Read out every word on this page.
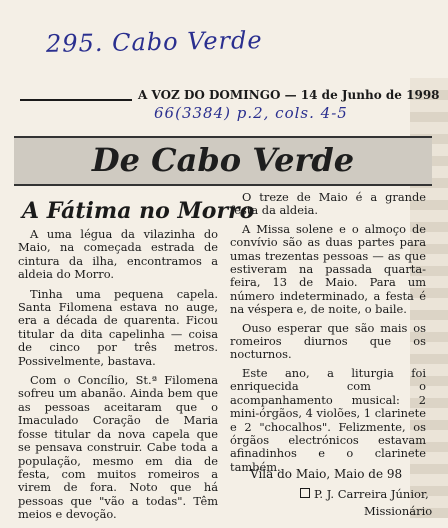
295. Cabo Verde
A VOZ DO DOMINGO — 14 de Junho de 1998
66(3384) p.2, cols. 4-5
De Cabo Verde
A Fátima no Morro

A uma légua da vilazinha do Maio, na começada estrada de cintura da ilha, encontramos a aldeia do Morro.

Tinha uma pequena capela. Santa Filomena estava no auge, era a década de quarenta. Ficou titular da dita capelinha — coisa de cinco por três metros. Possivelmente, bastava.

Com o Concílio, St.ª Filomena sofreu um abanão. Ainda bem que as pessoas aceitaram que o Imaculado Coração de Maria fosse titular da nova capela que se pensava construir. Cabe toda a população, mesmo em dia de festa, com muitos romeiros a virem de fora. Noto que há pessoas que "vão a todas". Têm meios e devoção.

O treze de Maio é a grande festa da aldeia.

A Missa solene e o almoço de convívio são as duas partes para umas trezentas pessoas — as que estiveram na passada quarta-feira, 13 de Maio. Para um número indeterminado, a festa é na véspera e, de noite, o baile.

Ouso esperar que são mais os romeiros diurnos que os nocturnos.

Este ano, a liturgia foi enriquecida com o acompanhamento musical: 2 mini-órgãos, 4 violões, 1 clarinete e 2 "chocalhos". Felizmente, os órgãos electrónicos estavam afinadinhos e o clarinete também.

Vila do Maio, Maio de 98
P. J. Carreira Júnior,
Missionário
